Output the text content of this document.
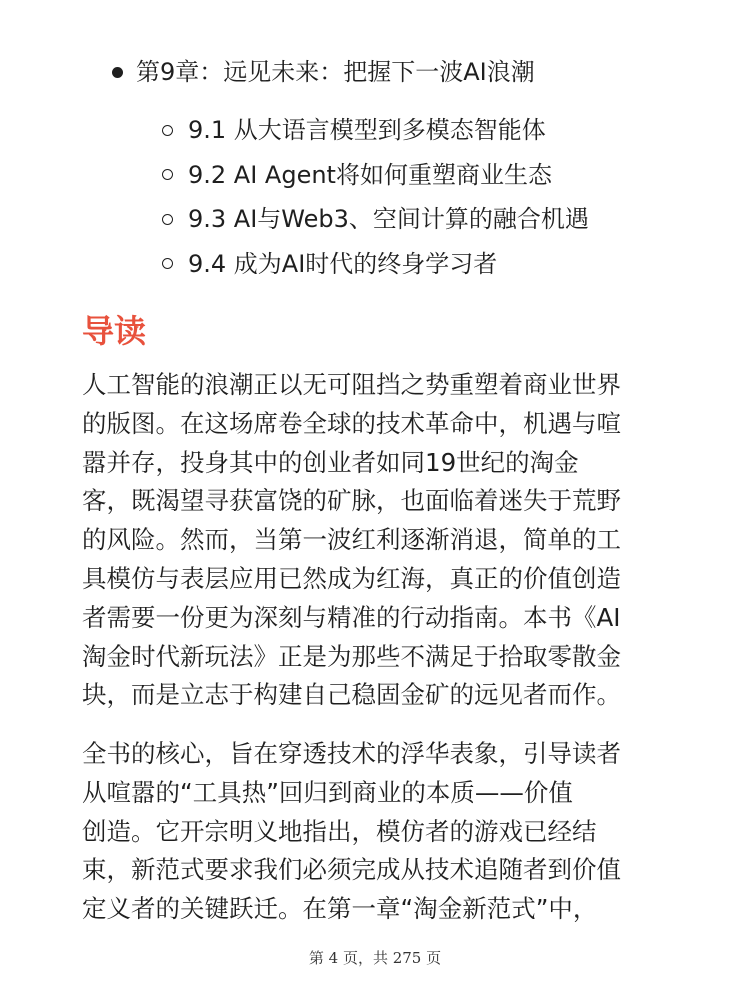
第9章：远见未来：把握下一波AI浪潮
9.1 从大语言模型到多模态智能体
9.2 AI Agent将如何重塑商业生态
9.3 AI与Web3、空间计算的融合机遇
9.4 成为AI时代的终身学习者
导读

人工智能的浪潮正以无可阻挡之势重塑着商业世界
的版图。在这场席卷全球的技术革命中，机遇与喧
嚣并存，投身其中的创业者如同19世纪的淘金
客，既渴望寻获富饶的矿脉，也面临着迷失于荒野
的风险。然而，当第一波红利逐渐消退，简单的工
具模仿与表层应用已然成为红海，真正的价值创造
者需要一份更为深刻与精准的行动指南。本书《AI
淘金时代新玩法》正是为那些不满足于拾取零散金
块，而是立志于构建自己稳固金矿的远见者而作。

全书的核心，旨在穿透技术的浮华表象，引导读者
从喧嚣的“工具热”回归到商业的本质——价值
创造。它开宗明义地指出，模仿者的游戏已经结
束，新范式要求我们必须完成从技术追随者到价值
定义者的关键跃迁。在第一章“淘金新范式”中，

第 4 页，共 275 页
